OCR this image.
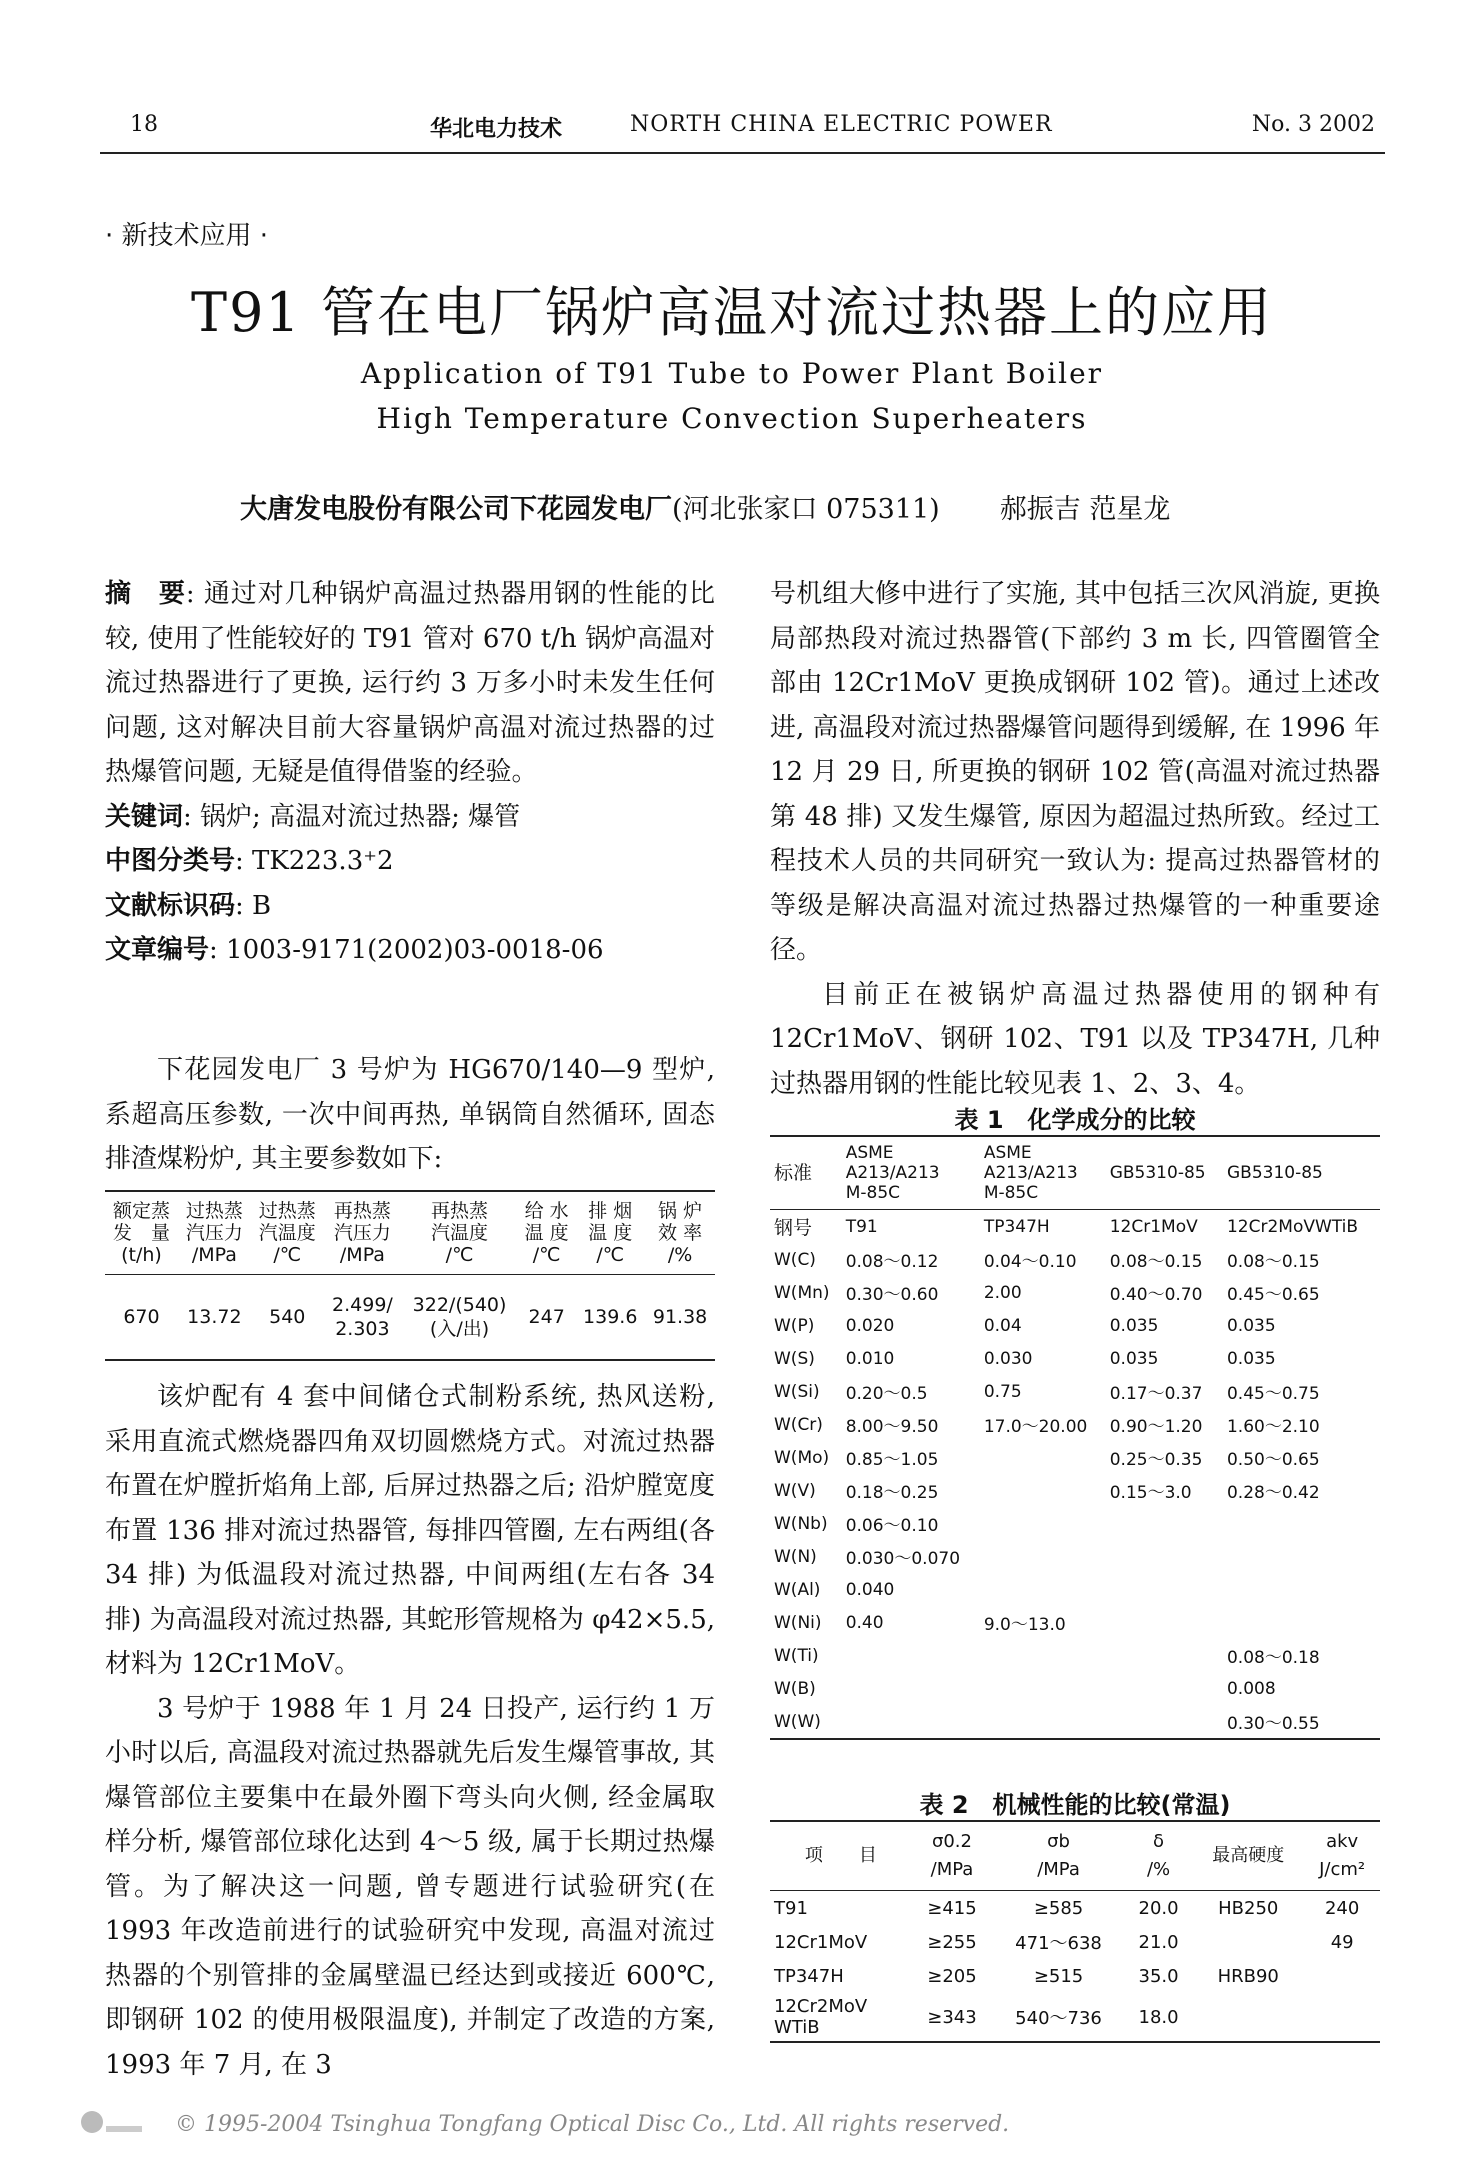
18	华北电力技术	NORTH CHINA ELECTRIC POWER	No. 3 2002
· 新技术应用 ·
T91 管在电厂锅炉高温对流过热器上的应用
Application of T91 Tube to Power Plant Boiler
High Temperature Convection Superheaters
大唐发电股份有限公司下花园发电厂(河北张家口 075311) 郝振吉 范星龙

摘　要: 通过对几种锅炉高温过热器用钢的性能的比较, 使用了性能较好的 T91 管对 670 t/h 锅炉高温对流过热器进行了更换, 运行约 3 万多小时未发生任何问题, 这对解决目前大容量锅炉高温对流过热器的过热爆管问题, 无疑是值得借鉴的经验。

关键词: 锅炉; 高温对流过热器; 爆管

中图分类号: TK223.3⁺2

文献标识码: B

文章编号: 1003-9171(2002)03-0018-06

下花园发电厂 3 号炉为 HG670/140—9 型炉, 系超高压参数, 一次中间再热, 单锅筒自然循环, 固态排渣煤粉炉, 其主要参数如下:

额定蒸
发　量
(t/h)	过热蒸
汽压力
/MPa	过热蒸
汽温度
/℃	再热蒸
汽压力
/MPa	再热蒸
汽温度
/℃	给 水
温 度
/℃	排 烟
温 度
/℃	锅 炉
效 率
/%
670	13.72	540	2.499/
2.303	322/(540)
(入/出)	247	139.6	91.38

该炉配有 4 套中间储仓式制粉系统, 热风送粉, 采用直流式燃烧器四角双切圆燃烧方式。对流过热器布置在炉膛折焰角上部, 后屏过热器之后; 沿炉膛宽度布置 136 排对流过热器管, 每排四管圈, 左右两组(各 34 排) 为低温段对流过热器, 中间两组(左右各 34 排) 为高温段对流过热器, 其蛇形管规格为 φ42×5.5, 材料为 12Cr1MoV。

3 号炉于 1988 年 1 月 24 日投产, 运行约 1 万小时以后, 高温段对流过热器就先后发生爆管事故, 其爆管部位主要集中在最外圈下弯头向火侧, 经金属取样分析, 爆管部位球化达到 4～5 级, 属于长期过热爆管。为了解决这一问题, 曾专题进行试验研究(在 1993 年改造前进行的试验研究中发现, 高温对流过热器的个别管排的金属壁温已经达到或接近 600℃, 即钢研 102 的使用极限温度), 并制定了改造的方案, 1993 年 7 月, 在 3

号机组大修中进行了实施, 其中包括三次风消旋, 更换局部热段对流过热器管(下部约 3 m 长, 四管圈管全部由 12Cr1MoV 更换成钢研 102 管)。通过上述改进, 高温段对流过热器爆管问题得到缓解, 在 1996 年 12 月 29 日, 所更换的钢研 102 管(高温对流过热器第 48 排) 又发生爆管, 原因为超温过热所致。经过工程技术人员的共同研究一致认为: 提高过热器管材的等级是解决高温对流过热器过热爆管的一种重要途径。

目前正在被锅炉高温过热器使用的钢种有 12Cr1MoV、钢研 102、T91 以及 TP347H, 几种过热器用钢的性能比较见表 1、2、3、4。

表 1　化学成分的比较
标准	ASME
A213/A213
M-85C	ASME
A213/A213
M-85C	GB5310-85	GB5310-85
钢号	T91	TP347H	12Cr1MoV	12Cr2MoVWTiB
W(C)	0.08～0.12	0.04～0.10	0.08～0.15	0.08～0.15
W(Mn)	0.30～0.60	2.00	0.40～0.70	0.45～0.65
W(P)	0.020	0.04	0.035	0.035
W(S)	0.010	0.030	0.035	0.035
W(Si)	0.20～0.5	0.75	0.17～0.37	0.45～0.75
W(Cr)	8.00～9.50	17.0～20.00	0.90～1.20	1.60～2.10
W(Mo)	0.85～1.05		0.25～0.35	0.50～0.65
W(V)	0.18～0.25		0.15～3.0	0.28～0.42
W(Nb)	0.06～0.10			
W(N)	0.030～0.070			
W(Al)	0.040			
W(Ni)	0.40	9.0～13.0		
W(Ti)				0.08～0.18
W(B)				0.008
W(W)				0.30～0.55
表 2　机械性能的比较(常温)
项　　目	σ0.2
/MPa	σb
/MPa	δ
/%	最高硬度	akv
J/cm²
T91	≥415	≥585	20.0	HB250	240
12Cr1MoV	≥255	471～638	21.0		49
TP347H	≥205	≥515	35.0	HRB90	
12Cr2MoV
WTiB	≥343	540～736	18.0		
© 1995-2004 Tsinghua Tongfang Optical Disc Co., Ltd. All rights reserved.
